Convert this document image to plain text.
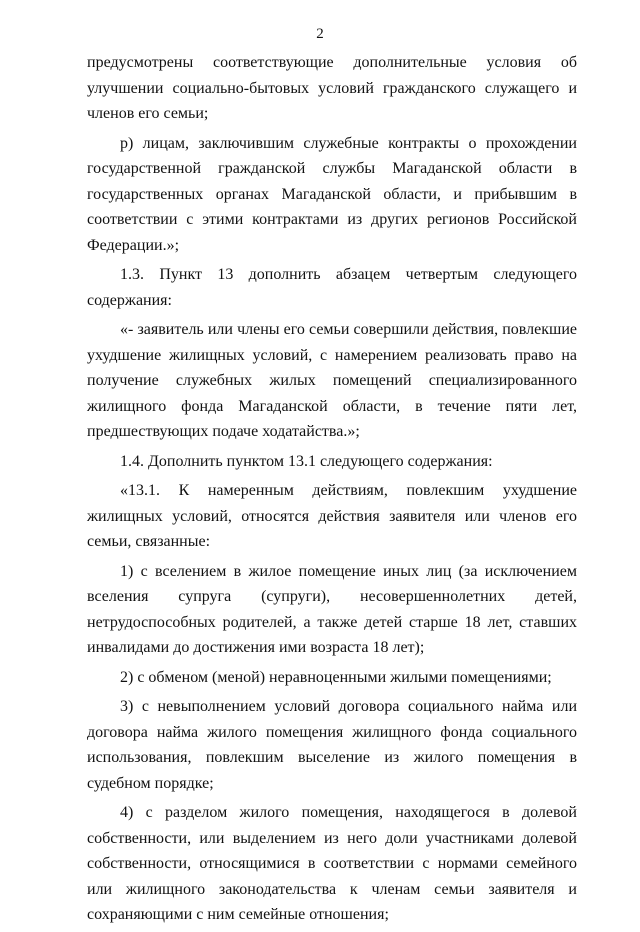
2

предусмотрены соответствующие дополнительные условия об улучшении социально-бытовых условий гражданского служащего и членов его семьи;

р) лицам, заключившим служебные контракты о прохождении государственной гражданской службы Магаданской области в государственных органах Магаданской области, и прибывшим в соответствии с этими контрактами из других регионов Российской Федерации.»;

1.3. Пункт 13 дополнить абзацем четвертым следующего содержания:

«- заявитель или члены его семьи совершили действия, повлекшие ухудшение жилищных условий, с намерением реализовать право на получение служебных жилых помещений специализированного жилищного фонда Магаданской области, в течение пяти лет, предшествующих подаче ходатайства.»;

1.4. Дополнить пунктом 13.1 следующего содержания:

«13.1. К намеренным действиям, повлекшим ухудшение жилищных условий, относятся действия заявителя или членов его семьи, связанные:

1) с вселением в жилое помещение иных лиц (за исключением вселения супруга (супруги), несовершеннолетних детей, нетрудоспособных родителей, а также детей старше 18 лет, ставших инвалидами до достижения ими возраста 18 лет);

2) с обменом (меной) неравноценными жилыми помещениями;

3) с невыполнением условий договора социального найма или договора найма жилого помещения жилищного фонда социального использования, повлекшим выселение из жилого помещения в судебном порядке;

4) с разделом жилого помещения, находящегося в долевой собственности, или выделением из него доли участниками долевой собственности, относящимися в соответствии с нормами семейного или жилищного законодательства к членам семьи заявителя и сохраняющими с ним семейные отношения;
